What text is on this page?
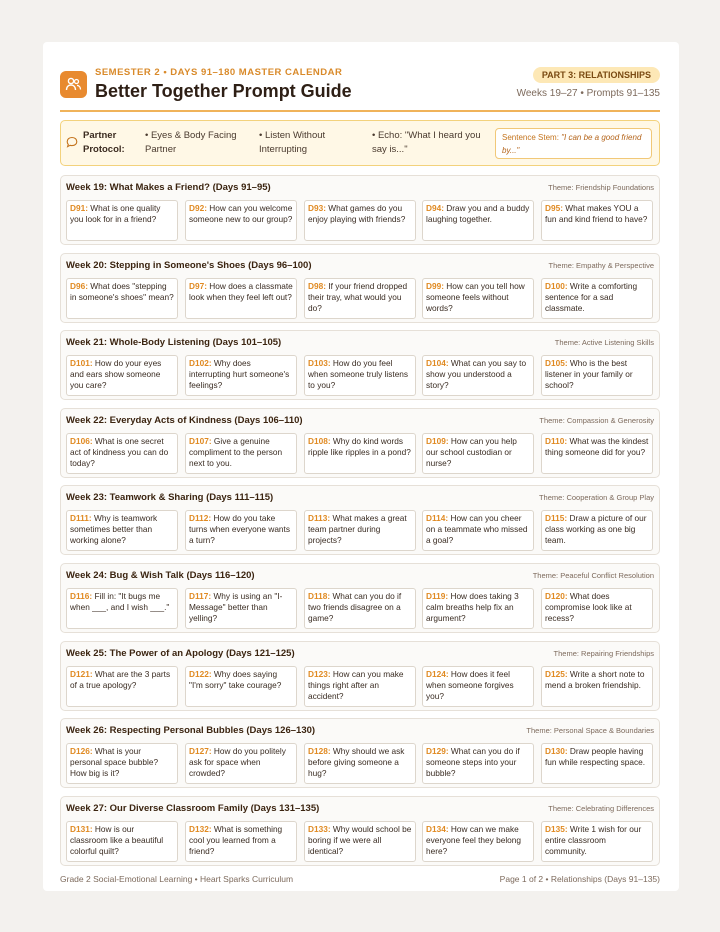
SEMESTER 2 • DAYS 91–180 MASTER CALENDAR
Better Together Prompt Guide
PART 3: RELATIONSHIPS
Weeks 19–27 • Prompts 91–135
Partner Protocol:
• Eyes & Body Facing Partner
• Listen Without Interrupting
• Echo: "What I heard you say is..."
Sentence Stem: "I can be a good friend by..."
Week 19: What Makes a Friend? (Days 91–95)	Theme: Friendship Foundations
D91: What is one quality you look for in a friend?
D92: How can you welcome someone new to our group?
D93: What games do you enjoy playing with friends?
D94: Draw you and a buddy laughing together.
D95: What makes YOU a fun and kind friend to have?
Week 20: Stepping in Someone's Shoes (Days 96–100)	Theme: Empathy & Perspective
D96: What does "stepping in someone's shoes" mean?
D97: How does a classmate look when they feel left out?
D98: If your friend dropped their tray, what would you do?
D99: How can you tell how someone feels without words?
D100: Write a comforting sentence for a sad classmate.
Week 21: Whole-Body Listening (Days 101–105)	Theme: Active Listening Skills
D101: How do your eyes and ears show someone you care?
D102: Why does interrupting hurt someone's feelings?
D103: How do you feel when someone truly listens to you?
D104: What can you say to show you understood a story?
D105: Who is the best listener in your family or school?
Week 22: Everyday Acts of Kindness (Days 106–110)	Theme: Compassion & Generosity
D106: What is one secret act of kindness you can do today?
D107: Give a genuine compliment to the person next to you.
D108: Why do kind words ripple like ripples in a pond?
D109: How can you help our school custodian or nurse?
D110: What was the kindest thing someone did for you?
Week 23: Teamwork & Sharing (Days 111–115)	Theme: Cooperation & Group Play
D111: Why is teamwork sometimes better than working alone?
D112: How do you take turns when everyone wants a turn?
D113: What makes a great team partner during projects?
D114: How can you cheer on a teammate who missed a goal?
D115: Draw a picture of our class working as one big team.
Week 24: Bug & Wish Talk (Days 116–120)	Theme: Peaceful Conflict Resolution
D116: Fill in: "It bugs me when ___, and I wish ___."
D117: Why is using an "I-Message" better than yelling?
D118: What can you do if two friends disagree on a game?
D119: How does taking 3 calm breaths help fix an argument?
D120: What does compromise look like at recess?
Week 25: The Power of an Apology (Days 121–125)	Theme: Repairing Friendships
D121: What are the 3 parts of a true apology?
D122: Why does saying "I'm sorry" take courage?
D123: How can you make things right after an accident?
D124: How does it feel when someone forgives you?
D125: Write a short note to mend a broken friendship.
Week 26: Respecting Personal Bubbles (Days 126–130)	Theme: Personal Space & Boundaries
D126: What is your personal space bubble? How big is it?
D127: How do you politely ask for space when crowded?
D128: Why should we ask before giving someone a hug?
D129: What can you do if someone steps into your bubble?
D130: Draw people having fun while respecting space.
Week 27: Our Diverse Classroom Family (Days 131–135)	Theme: Celebrating Differences
D131: How is our classroom like a beautiful colorful quilt?
D132: What is something cool you learned from a friend?
D133: Why would school be boring if we were all identical?
D134: How can we make everyone feel they belong here?
D135: Write 1 wish for our entire classroom community.
Grade 2 Social-Emotional Learning • Heart Sparks Curriculum	Page 1 of 2 • Relationships (Days 91–135)
